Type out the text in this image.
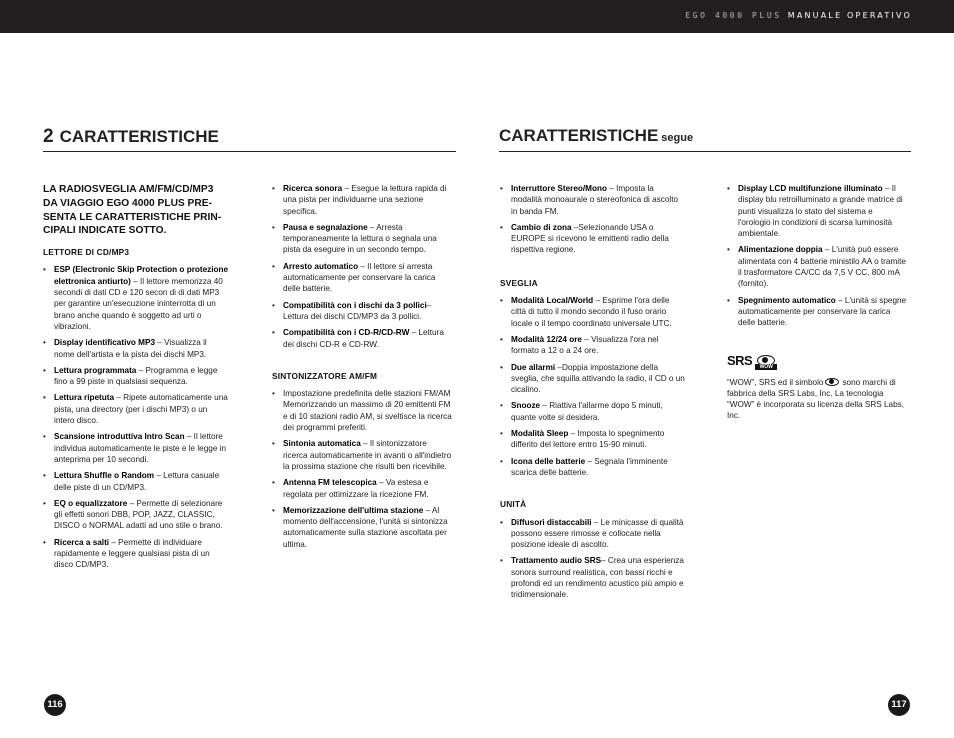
EGO 4000 PLUS MANUALE OPERATIVO
2 CARATTERISTICHE

LA RADIOSVEGLIA AM/FM/CD/MP3 DA VIAGGIO EGO 4000 PLUS PRE-SENTA LE CARATTERISTICHE PRIN-CIPALI INDICATE SOTTO.

LETTORE DI CD/MP3

• ESP (Electronic Skip Protection o protezione elettronica antiurto) – Il lettore memorizza 40 secondi di dati CD e 120 secon di di dati MP3 per garantire un'esecuzione ininterrotta di un brano anche quando è soggetto ad urti o vibrazioni.
• Display identificativo MP3 – Visualizza il nome dell'artista e la pista dei dischi MP3.
• Lettura programmata – Programma e legge fino a 99 piste in qualsiasi sequenza.
• Lettura ripetuta – Ripete automaticamente una pista, una directory (per i dischi MP3) o un intero disco.
• Scansione introduttiva Intro Scan – Il lettore individua automaticamente le piste e le legge in anteprima per 10 secondi.
• Lettura Shuffle o Random – Lettura casuale delle piste di un CD/MP3.
• EQ o equalizzatore – Permette di selezionare gli effetti sonori DBB, POP, JAZZ, CLASSIC, DISCO o NORMAL adatti ad uno stile o brano.
• Ricerca a salti – Permette di individuare rapidamente e leggere qualsiasi pista di un disco CD/MP3.
• Ricerca sonora – Esegue la lettura rapida di una pista per individuarne una sezione specifica.
• Pausa e segnalazione – Arresta temporaneamente la lettura o segnala una pista da eseguire in un secondo tempo.
• Arresto automatico – Il lettore si arresta automaticamente per conservare la carica delle batterie.
• Compatibilità con i dischi da 3 pollici– Lettura dei dischi CD/MP3 da 3 pollici.
• Compatibilità con i CD-R/CD-RW – Lettura dei dischi CD-R e CD-RW.

SINTONIZZATORE AM/FM

• Impostazione predefinita delle stazioni FM/AM Memorizzando un massimo di 20 emittenti FM e di 10 stazioni radio AM, si sveltisce la ricerca dei programmi preferiti.
• Sintonia automatica – Il sintonizzatore ricerca automaticamente in avanti o all'indietro la prossima stazione che risulti ben ricevibile.
• Antenna FM telescopica – Va estesa e regolata per ottimizzare la ricezione FM.
• Memorizzazione dell'ultima stazione – Al momento dell'accensione, l'unità si sintonizza automaticamente sulla stazione ascoltata per ultima.
116
CARATTERISTICHE segue
• Interruttore Stereo/Mono – Imposta la modalità monoaurale o stereofonica di ascolto in banda FM.
• Cambio di zona –Selezionando USA o EUROPE si ricevono le emittenti radio della rispettiva regione.

SVEGLIA

• Modalità Local/World – Esprime l'ora delle città di tutto il mondo secondo il fuso orario locale o il tempo coordinato universale UTC.
• Modalità 12/24 ore – Visualizza l'ora nel formato a 12 o a 24 ore.
• Due allarmi –Doppia impostazione della sveglia, che squilla attivando la radio, il CD o un cicalino.
• Snooze – Riattiva l'allarme dopo 5 minuti, quante volte si desidera.
• Modalità Sleep – Imposta lo spegnimento differito del lettore entro 15-90 minuti.
• Icona delle batterie – Segnala l'imminente scarica delle batterie.

UNITÀ

• Diffusori distaccabili – Le minicasse di qualità possono essere rimosse e collocate nella posizione ideale di ascolto.
• Trattamento audio SRS– Crea una esperienza sonora surround realistica, con bassi ricchi e profondi ed un rendimento acustico più ampio e tridimensionale.
• Display LCD multifunzione illuminato – Il display blu retroilluminato a grande matrice di punti visualizza lo stato del sistema e l'orologio in condizioni di scarsa luminosità ambientale.
• Alimentazione doppia – L'unità può essere alimentata con 4 batterie ministilo AA o tramite il trasformatore CA/CC da 7,5 V CC, 800 mA (fornito).
• Spegnimento automatico – L'unità si spegne automaticamente per conservare la carica delle batterie.
SRS	WOW

“WOW”, SRS ed il simbolo sono marchi di fabbrica della SRS Labs, Inc. La tecnologia “WOW” è incorporata su licenza della SRS Labs, Inc.

117
